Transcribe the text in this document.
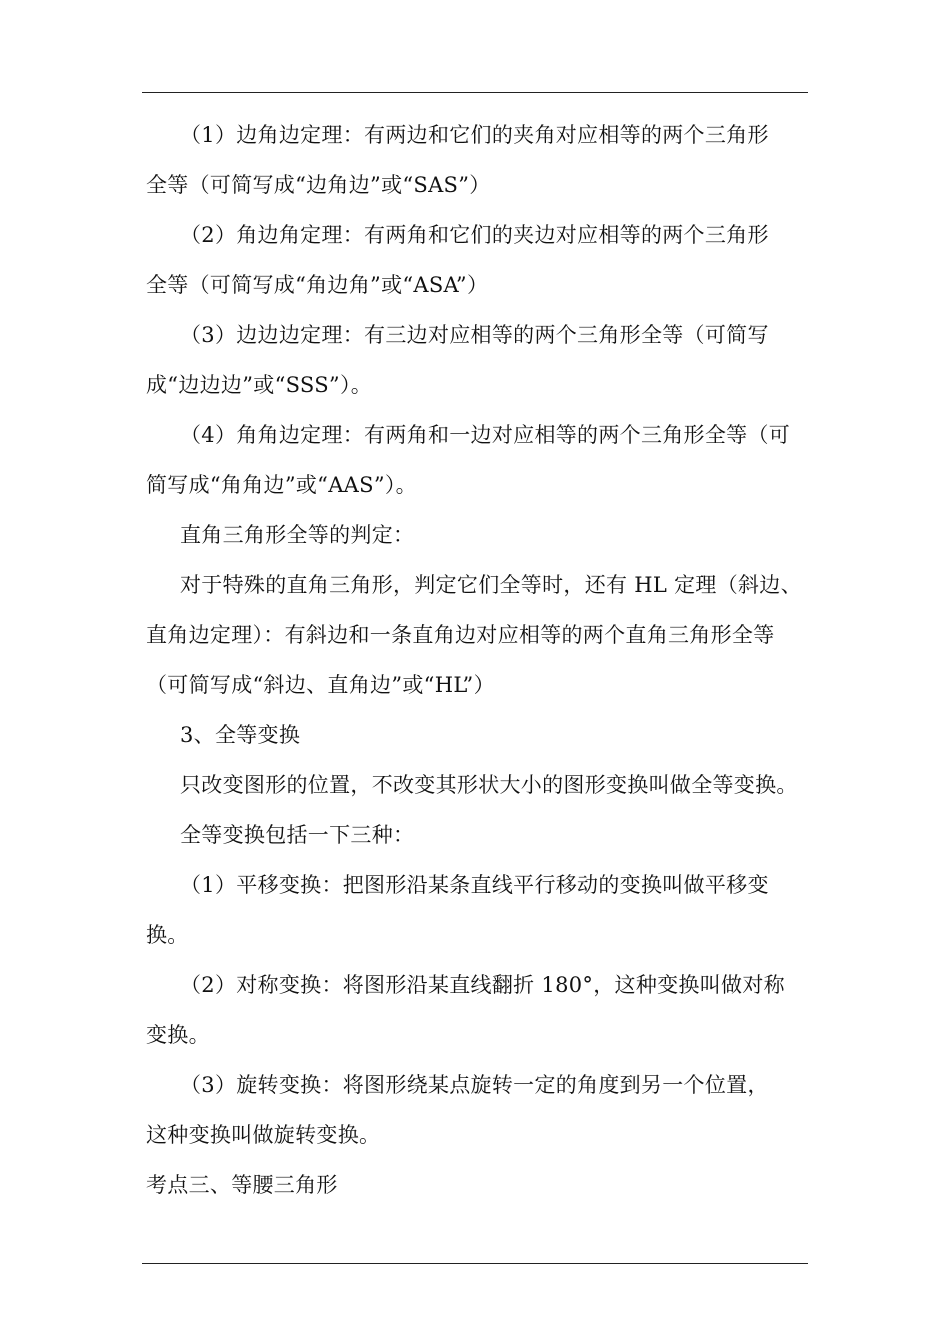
（1）边角边定理：有两边和它们的夹角对应相等的两个三角形
全等（可简写成“边角边”或“SAS”）
（2）角边角定理：有两角和它们的夹边对应相等的两个三角形
全等（可简写成“角边角”或“ASA”）
（3）边边边定理：有三边对应相等的两个三角形全等（可简写
成“边边边”或“SSS”）。
（4）角角边定理：有两角和一边对应相等的两个三角形全等（可
简写成“角角边”或“AAS”）。
直角三角形全等的判定：
对于特殊的直角三角形，判定它们全等时，还有 HL 定理（斜边、
直角边定理）：有斜边和一条直角边对应相等的两个直角三角形全等
（可简写成“斜边、直角边”或“HL”）
3、全等变换
只改变图形的位置，不改变其形状大小的图形变换叫做全等变换。
全等变换包括一下三种：
（1）平移变换：把图形沿某条直线平行移动的变换叫做平移变
换。
（2）对称变换：将图形沿某直线翻折 180°，这种变换叫做对称
变换。
（3）旋转变换：将图形绕某点旋转一定的角度到另一个位置，
这种变换叫做旋转变换。
考点三、等腰三角形
